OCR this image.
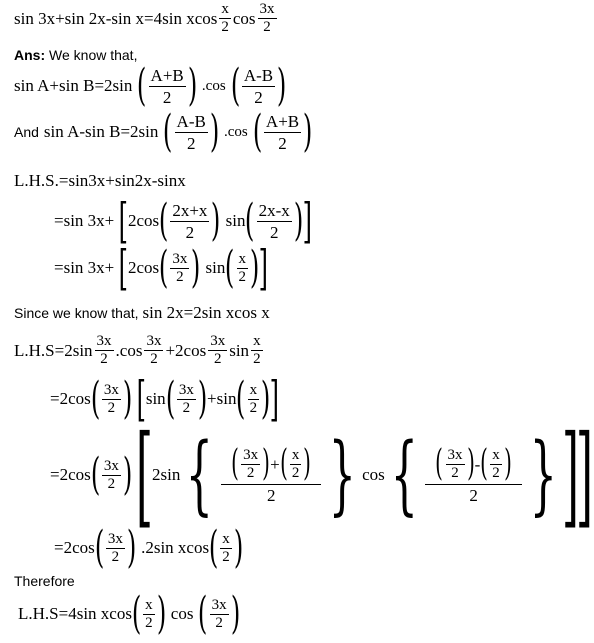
sin 3x+sin 2x-sin x=4sin xcos $\frac{x}{2}$ $\cos \frac{3x}{2}$
Ans: We know that,
sin A+sin B=2sin ( $\frac{A+B}{2}$ ) .cos ( $\frac{A-B}{2}$ )
And sin A-sin B=2sin ( $\frac{A-B}{2}$ ) .cos ( $\frac{A+B}{2}$ )
L.H.S.=sin3x+sin2x-sinx
=sin 3x+ [ 2cos ( $\frac{2x+x}{2}$ ) sin ( $\frac{2x-x}{2}$ ) ]
=sin 3x+ [ 2cos ( $\frac{3x}{2}$ ) sin ( $\frac{x}{2}$ ) ]
Since we know that, sin 2x=2sin xcos x
$L.H.S=2\sin \frac{3x}{2} .\cos \frac{3x}{2} +2\cos \frac{3x}{2}$ $\sin \frac{x}{2}$
=2cos ( $\frac{3x}{2}$ ) [ sin ( $\frac{3x}{2}$ ) +sin ( $\frac{x}{2}$ ) ]
=2cos ( $\frac{3x}{2}$ ) [
2sin { ( $\frac{3x}{2}$ ) + ( $\frac{x}{2}$ )
2 } cos { ( $\frac{3x}{2}$ ) - ( $\frac{x}{2}$ )
2 } ]
]
=2cos ( $\frac{3x}{2}$ ) .2sin xcos ( $\frac{x}{2}$ )
Therefore
L.H.S=4sin xcos ( $\frac{x}{2}$ ) cos ( $\frac{3x}{2}$ )
